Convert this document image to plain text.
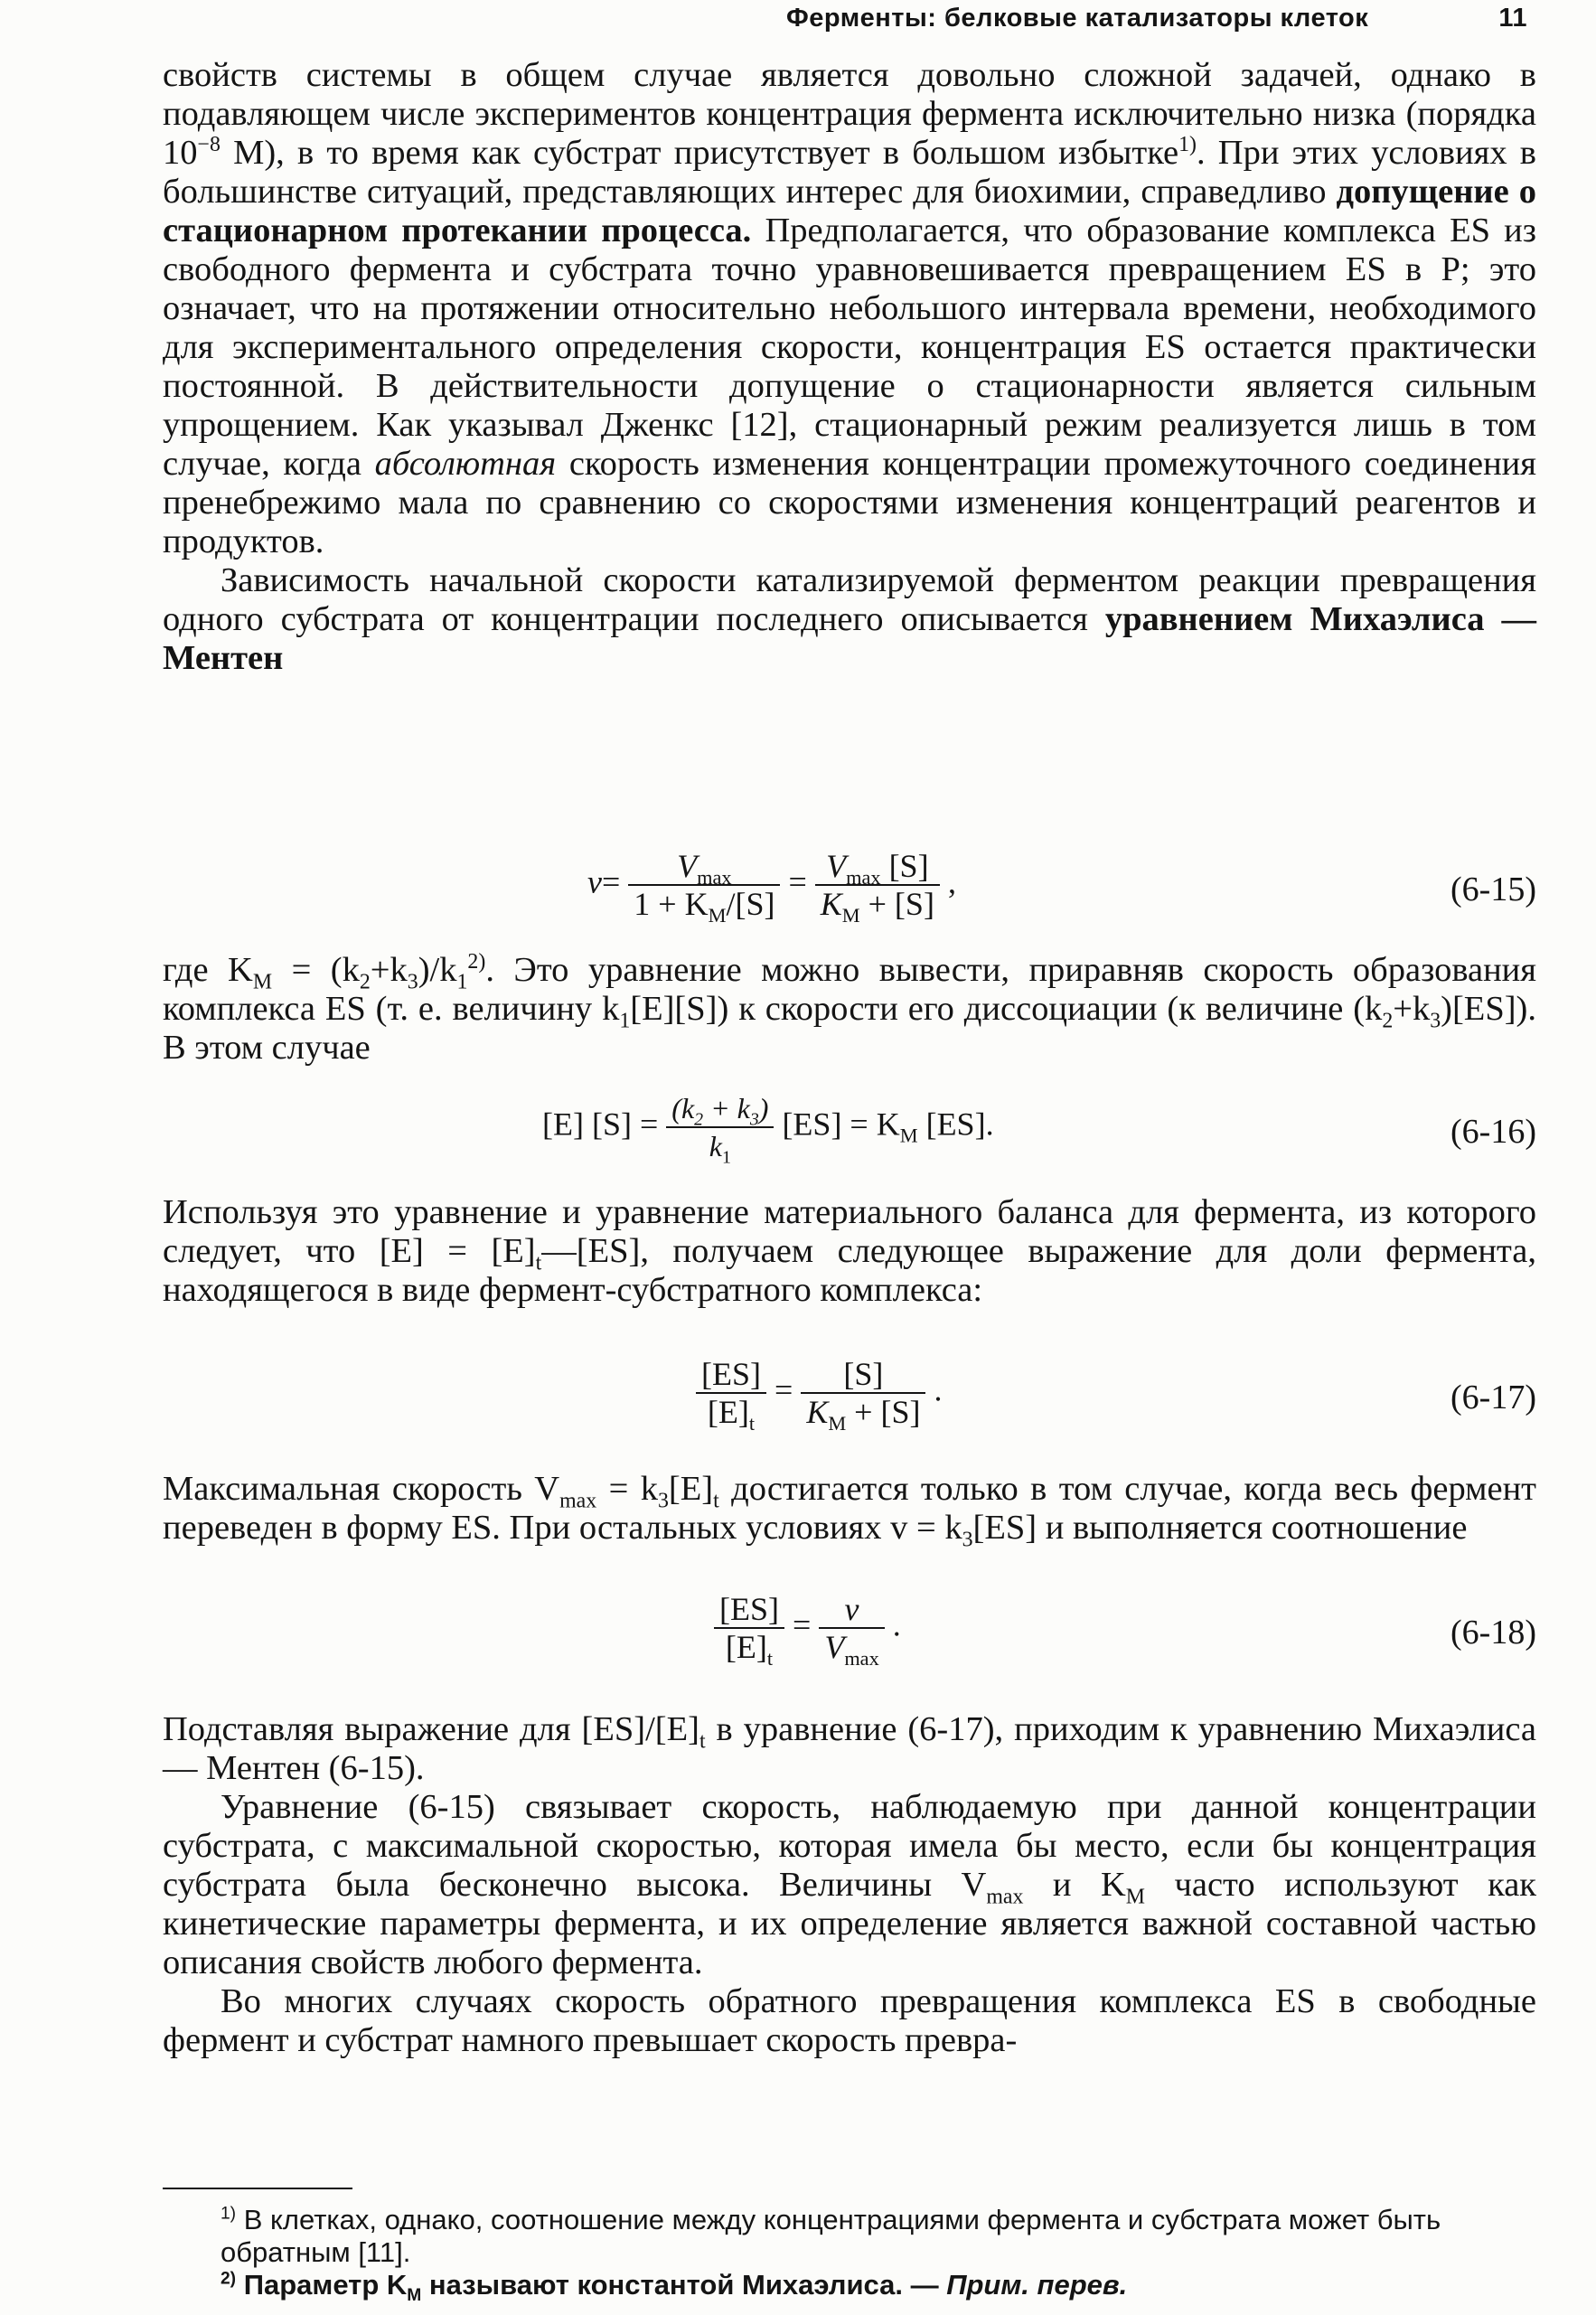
Ферменты: белковые катализаторы клеток	11

свойств системы в общем случае является довольно сложной задачей, однако в подавляющем числе экспериментов концентрация фермента исключительно низка (порядка $10^{-8}$ М), в то время как субстрат присутствует в большом избытке$^{1)}$. При этих условиях в большинстве ситуаций, представляющих интерес для биохимии, справедливо допущение о стационарном протекании процесса. Предполагается, что образование комплекса ES из свободного фермента и субстрата точно уравновешивается превращением ES в P; это означает, что на протяжении относительно небольшого интервала времени, необходимого для экспериментального определения скорости, концентрация ES остается практически постоянной. В действительности допущение о стационарности является сильным упрощением. Как указывал Дженкс [12], стационарный режим реализуется лишь в том случае, когда абсолютная скорость изменения концентрации промежуточного соединения пренебрежимо мала по сравнению со скоростями изменения концентраций реагентов и продуктов.

Зависимость начальной скорости катализируемой ферментом реакции превращения одного субстрата от концентрации последнего описывается уравнением Михаэлиса — Ментен

$v= \frac{V_{max}}{1 + K_M/[S]} = \frac{V_{max} [S]}{K_M + [S]}$ ,	(6-15)

где $K_M = (k_2+k_3)/k_1^{2)}$. Это уравнение можно вывести, приравняв скорость образования комплекса ES (т. е. величину $k_1[E][S]$) к скорости его диссоциации (к величине $(k_2+k_3)[ES]$). В этом случае

[E] $[S] = \frac{(k_2 + k_3)}{k_1} [ES] = K_M$ [ES].	(6-16)

Используя это уравнение и уравнение материального баланса для фермента, из которого следует, что $[E] = [E]_t—[ES]$, получаем следующее выражение для доли фермента, находящегося в виде фермент-субстратного комплекса:

$\frac{[ES]}{[E]_t} = \frac{[S]}{K_M + [S]}$ .	(6-17)

Максимальная скорость $V_{max} = k_3[E]_t$ достигается только в том случае, когда весь фермент переведен в форму ES. При остальных условиях $v = k_3[ES]$ и выполняется соотношение

$\frac{[ES]}{[E]_t} = \frac{v}{V_{max}}$ .	(6-18)

Подставляя выражение для $[ES]/[E]_t$ в уравнение (6-17), приходим к уравнению Михаэлиса — Ментен (6-15).

Уравнение (6-15) связывает скорость, наблюдаемую при данной концентрации субстрата, с максимальной скоростью, которая имела бы место, если бы концентрация субстрата была бесконечно высока. Величины $V_{max}$ и $K_M$ часто используют как кинетические параметры фермента, и их определение является важной составной частью описания свойств любого фермента.

Во многих случаях скорость обратного превращения комплекса ES в свободные фермент и субстрат намного превышает скорость превра-

$^{1)}$ В клетках, однако, соотношение между концентрациями фермента и субстрата может быть обратным [11].

$^{2)}$ Параметр $K_M$ называют константой Михаэлиса. — Прим. перев.
